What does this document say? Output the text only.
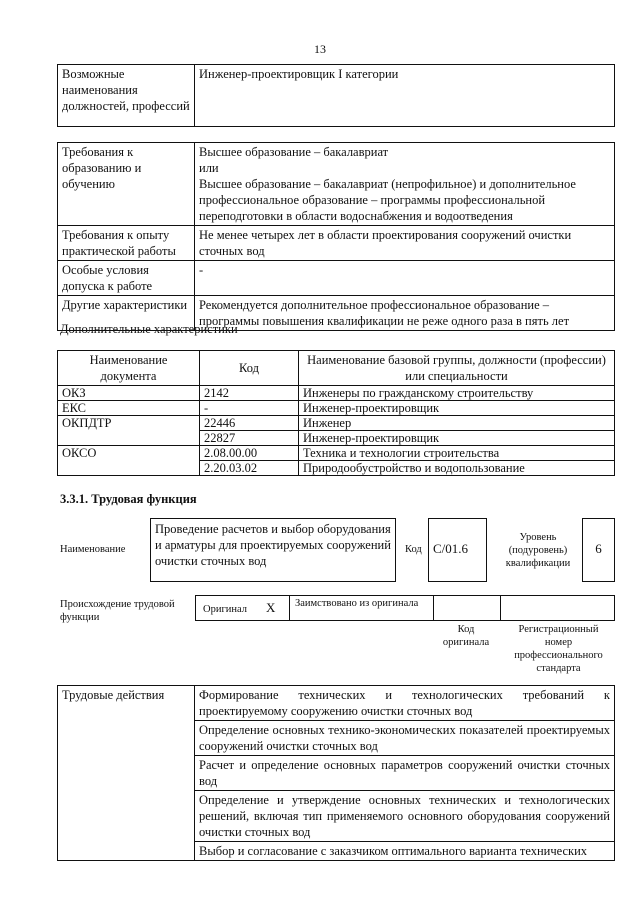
13
Возможные наименования должностей, профессий	Инженер-проектировщик I категории
Требования к образованию и обучению	Высшее образование – бакалавриат
или
Высшее образование – бакалавриат (непрофильное) и дополнительное профессиональное образование – программы профессиональной переподготовки в области водоснабжения и водоотведения

Требования к опыту практической работы	Не менее четырех лет в области проектирования сооружений очистки сточных вод
Особые условия допуска к работе	-
Другие характеристики	Рекомендуется дополнительное профессиональное образование – программы повышения квалификации не реже одного раза в пять лет
Дополнительные характеристики
Наименование документа	Код	Наименование базовой группы, должности (профессии) или специальности
ОКЗ	2142	Инженеры по гражданскому строительству
ЕКС	-	Инженер-проектировщик
ОКПДТР	22446	Инженер
	22827	Инженер-проектировщик
ОКСО	2.08.00.00	Техника и технологии строительства
	2.20.03.02	Природообустройство и водопользование
3.3.1. Трудовая функция
Наименование
Проведение расчетов и выбор оборудования и арматуры для проектируемых сооружений очистки сточных вод
Код C/01.6
Уровень (подуровень) квалификации
6
Происхождение трудовой функции
Оригинал X	Заимствовано из оригинала
Код оригинала
Регистрационный номер профессионального стандарта
Трудовые действия	Формирование технических и технологических требований к проектируемому сооружению очистки сточных вод
Определение основных технико-экономических показателей проектируемых сооружений очистки сточных вод
Расчет и определение основных параметров сооружений очистки сточных вод
Определение и утверждение основных технических и технологических решений, включая тип применяемого основного оборудования сооружений очистки сточных вод
Выбор и согласование с заказчиком оптимального варианта технических
